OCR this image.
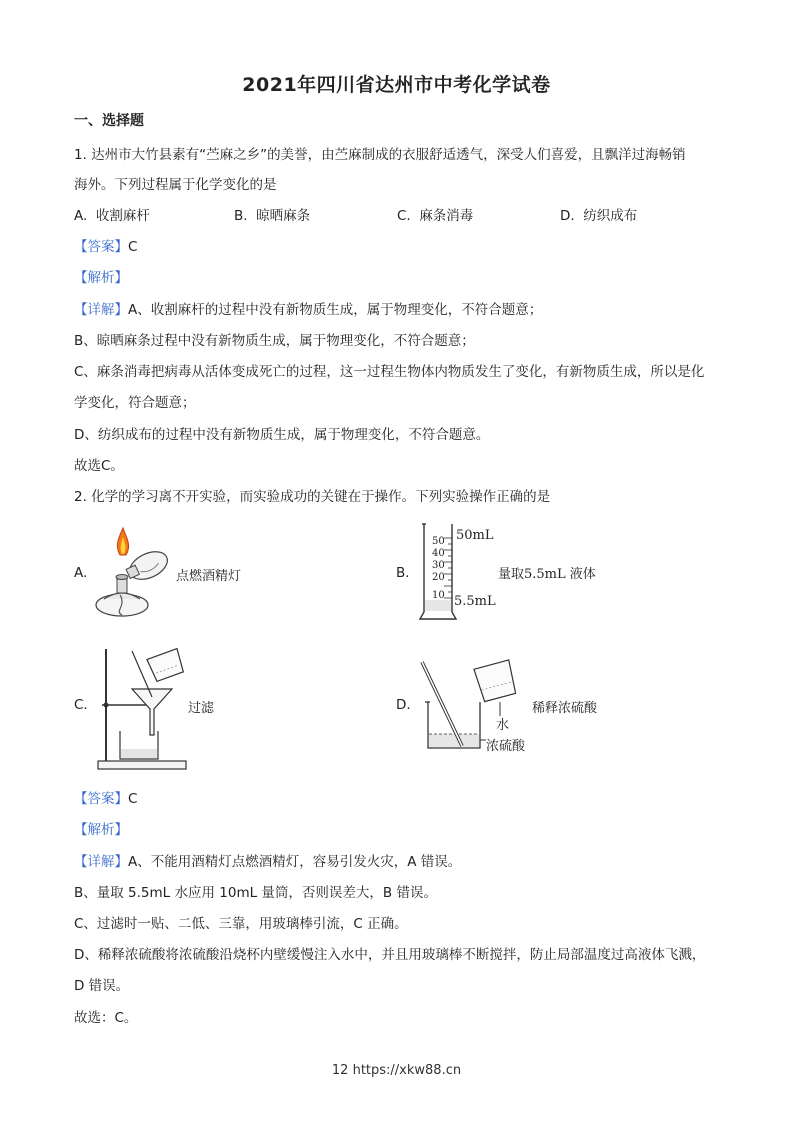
2021年四川省达州市中考化学试卷
一、选择题
1. 达州市大竹县素有“苎麻之乡”的美誉，由苎麻制成的衣服舒适透气，深受人们喜爱，且飘洋过海畅销
海外。下列过程属于化学变化的是
A. 收割麻杆	B. 晾晒麻条	C. 麻条消毒	D. 纺织成布
【答案】C
【解析】
【详解】A、收割麻杆的过程中没有新物质生成，属于物理变化，不符合题意；
B、晾晒麻条过程中没有新物质生成，属于物理变化，不符合题意；
C、麻条消毒把病毒从活体变成死亡的过程，这一过程生物体内物质发生了变化，有新物质生成，所以是化
学变化，符合题意；
D、纺织成布的过程中没有新物质生成，属于物理变化，不符合题意。
故选C。
2. 化学的学习离不开实验，而实验成功的关键在于操作。下列实验操作正确的是
A.	点燃酒精灯	B.
50
40
30
20
10
50mL
5.5mL
量取5.5mL 液体
C.	过滤	D.
水
浓硫酸
稀释浓硫酸
【答案】C
【解析】
【详解】A、不能用酒精灯点燃酒精灯，容易引发火灾，A 错误。
B、量取 5.5mL 水应用 10mL 量筒，否则误差大，B 错误。
C、过滤时一贴、二低、三靠，用玻璃棒引流，C 正确。
D、稀释浓硫酸将浓硫酸沿烧杯内壁缓慢注入水中，并且用玻璃棒不断搅拌，防止局部温度过高液体飞溅，
D 错误。
故选：C。
12 https://xkw88.cn
